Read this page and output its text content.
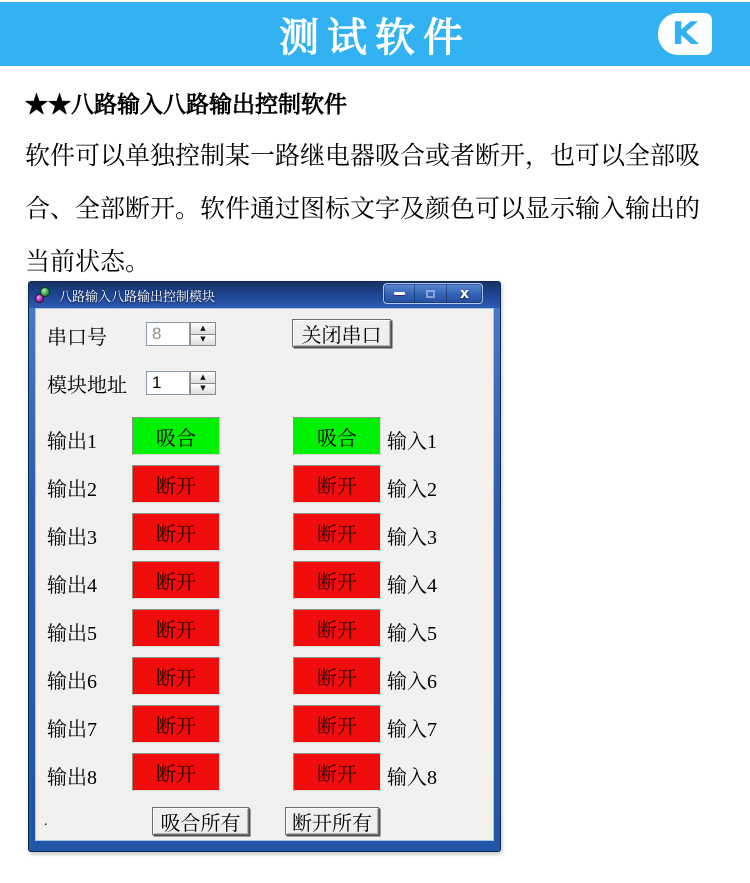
测试软件	K
★★八路输入八路输出控制软件
软件可以单独控制某一路继电器吸合或者断开，也可以全部吸
合、全部断开。软件通过图标文字及颜色可以显示输入输出的
当前状态。
八路输入八路输出控制模块	x
串口号
8	▲
▼	关闭串口
模块地址
1	▲
▼
输出1	吸合	吸合	输入1
输出2	断开	断开	输入2
输出3	断开	断开	输入3
输出4	断开	断开	输入4
输出5	断开	断开	输入5
输出6	断开	断开	输入6
输出7	断开	断开	输入7
输出8	断开	断开	输入8
吸合所有	断开所有
.
